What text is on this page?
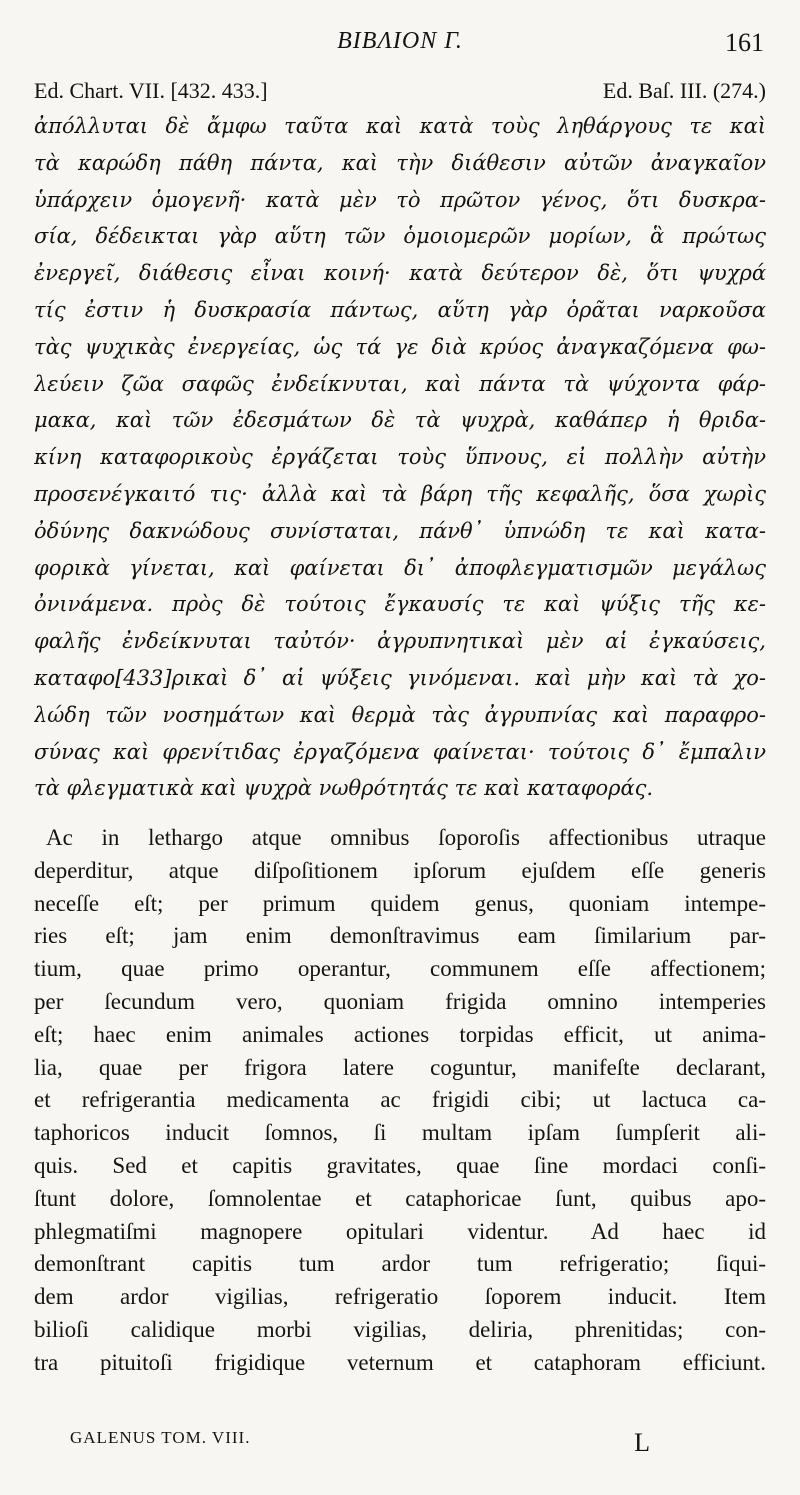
BIBΛION Γ.	161
Ed. Chart. VII. [432. 433.]	Ed. Baſ. III. (274.)
ἀπόλλυται δὲ ἄμφω ταῦτα καὶ κατὰ τοὺς ληθάργους τε καὶ
τὰ καρώδη πάθη πάντα, καὶ τὴν διάθεσιν αὐτῶν ἀναγκαῖον
ὑπάρχειν ὁμογενῆ· κατὰ μὲν τὸ πρῶτον γένος, ὅτι δυσκρα-
σία, δέδεικται γὰρ αὕτη τῶν ὁμοιομερῶν μορίων, ἃ πρώτως
ἐνεργεῖ, διάθεσις εἶναι κοινή· κατὰ δεύτερον δὲ, ὅτι ψυχρά
τίς ἐστιν ἡ δυσκρασία πάντως, αὕτη γὰρ ὁρᾶται ναρκοῦσα
τὰς ψυχικὰς ἐνεργείας, ὡς τά γε διὰ κρύος ἀναγκαζόμενα φω-
λεύειν ζῶα σαφῶς ἐνδείκνυται, καὶ πάντα τὰ ψύχοντα φάρ-
μακα, καὶ τῶν ἐδεσμάτων δὲ τὰ ψυχρὰ, καθάπερ ἡ θριδα-
κίνη καταφορικοὺς ἐργάζεται τοὺς ὕπνους, εἰ πολλὴν αὐτὴν
προσενέγκαιτό τις· ἀλλὰ καὶ τὰ βάρη τῆς κεφαλῆς, ὅσα χωρὶς
ὀδύνης δακνώδους συνίσταται, πάνθ᾽ ὑπνώδη τε καὶ κατα-
φορικὰ γίνεται, καὶ φαίνεται δι᾽ ἀποφλεγματισμῶν μεγάλως
ὀνινάμενα. πρὸς δὲ τούτοις ἔγκαυσίς τε καὶ ψύξις τῆς κε-
φαλῆς ἐνδείκνυται ταὐτόν· ἀγρυπνητικαὶ μὲν αἱ ἐγκαύσεις,
καταφο[433]ρικαὶ δ᾽ αἱ ψύξεις γινόμεναι. καὶ μὴν καὶ τὰ χο-
λώδη τῶν νοσημάτων καὶ θερμὰ τὰς ἀγρυπνίας καὶ παραφρο-
σύνας καὶ φρενίτιδας ἐργαζόμενα φαίνεται· τούτοις δ᾽ ἔμπαλιν
τὰ φλεγματικὰ καὶ ψυχρὰ νωθρότητάς τε καὶ καταφοράς.
Ac in lethargo atque omnibus ſoporoſis affectionibus utraque
deperditur, atque diſpoſitionem ipſorum ejuſdem eſſe generis
neceſſe eſt; per primum quidem genus, quoniam intempe-
ries eſt; jam enim demonſtravimus eam ſimilarium par-
tium, quae primo operantur, communem eſſe affectionem;
per ſecundum vero, quoniam frigida omnino intemperies
eſt; haec enim animales actiones torpidas efficit, ut anima-
lia, quae per frigora latere coguntur, manifeſte declarant,
et refrigerantia medicamenta ac frigidi cibi; ut lactuca ca-
taphoricos inducit ſomnos, ſi multam ipſam ſumpſerit ali-
quis. Sed et capitis gravitates, quae ſine mordaci conſi-
ſtunt dolore, ſomnolentae et cataphoricae ſunt, quibus apo-
phlegmatiſmi magnopere opitulari videntur. Ad haec id
demonſtrant capitis tum ardor tum refrigeratio; ſiqui-
dem ardor vigilias, refrigeratio ſoporem inducit. Item
bilioſi calidique morbi vigilias, deliria, phrenitidas; con-
tra pituitoſi frigidique veternum et cataphoram efficiunt.
GALENUS TOM. VIII.	L
